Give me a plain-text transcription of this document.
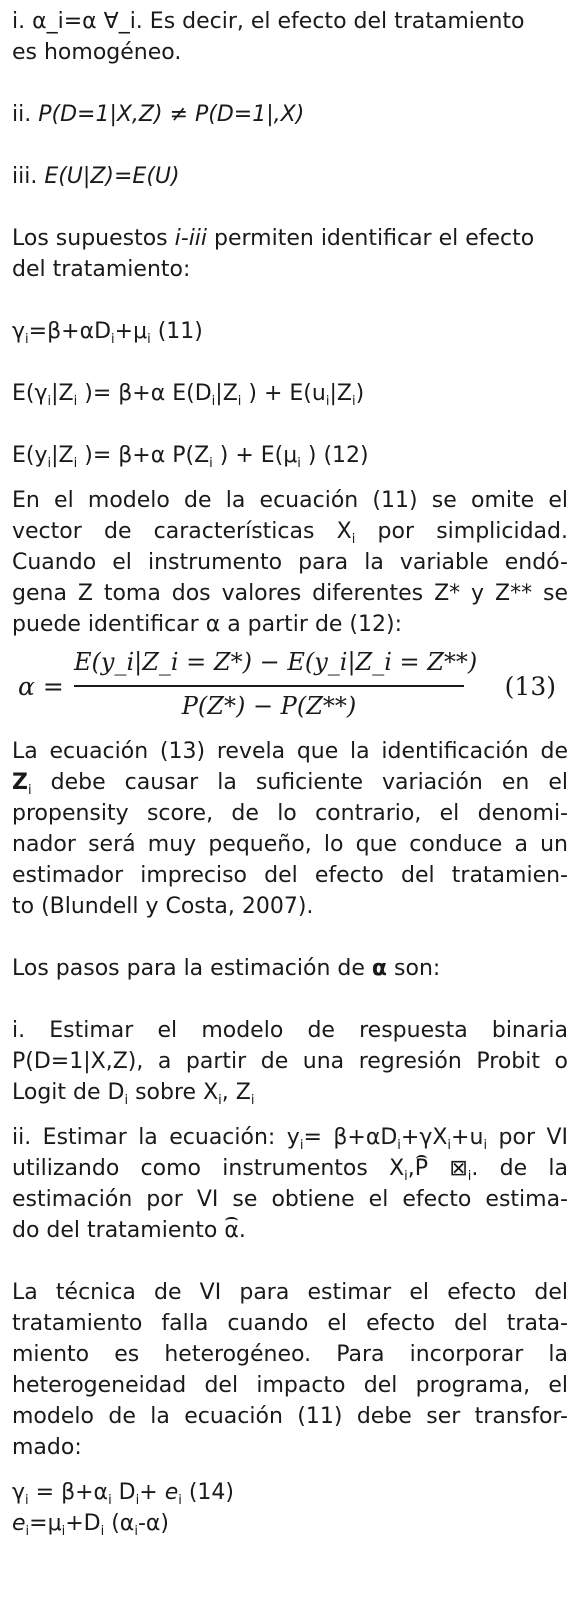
i. α_i=α ∀_i. Es decir, el efecto del tratamiento

es homogéneo.

ii. P(D=1|X,Z) ≠ P(D=1|,X)

iii. E(U|Z)=E(U)

Los supuestos i-iii permiten identificar el efecto

del tratamiento:

$\gamma_i=\beta+\alpha D_i+\mu_i$ (11)

$E(\gamma_i|Z_i$ )= β+α $E(D_i|Z_i$ ) + $E(u_i|Z_i)$

$E(y_i|Z_i$ )= β+α $P(Z_i$ ) + $E(\mu_i$ ) (12)

En el modelo de la ecuación (11) se omite el

vector de características $X_i$ por simplicidad.

Cuando el instrumento para la variable endó-

gena Z toma dos valores diferentes Z* y Z** se

puede identificar α a partir de (12):

α =
E(y_i|Z_i = Z*) − E(y_i|Z_i = Z**)
P(Z*) − P(Z**)
(13)

La ecuación (13) revela que la identificación de

$Z_i$ debe causar la suficiente variación en el

propensity score, de lo contrario, el denomi-

nador será muy pequeño, lo que conduce a un

estimador impreciso del efecto del tratamien-

to (Blundell y Costa, 2007).

Los pasos para la estimación de α son:

i. Estimar el modelo de respuesta binaria

P(D=1|X,Z), a partir de una regresión Probit o

Logit de $D_i$ sobre $X_i$, $Z_i$

ii. Estimar la ecuación: $y_i= \beta+\alpha D_i+\gamma X_i+u_i$ por VI

utilizando como instrumentos $X_i,P$ $⊠_i$. de la

estimación por VI se obtiene el efecto estima-

do del tratamiento α.

La técnica de VI para estimar el efecto del

tratamiento falla cuando el efecto del trata-

miento es heterogéneo. Para incorporar la

heterogeneidad del impacto del programa, el

modelo de la ecuación (11) debe ser transfor-

mado:

$\gamma_i = \beta+\alpha_i$ $D_i+ e_i$ (14)

$e_i=\mu_i+D_i$ $(\alpha_i-\alpha)$
